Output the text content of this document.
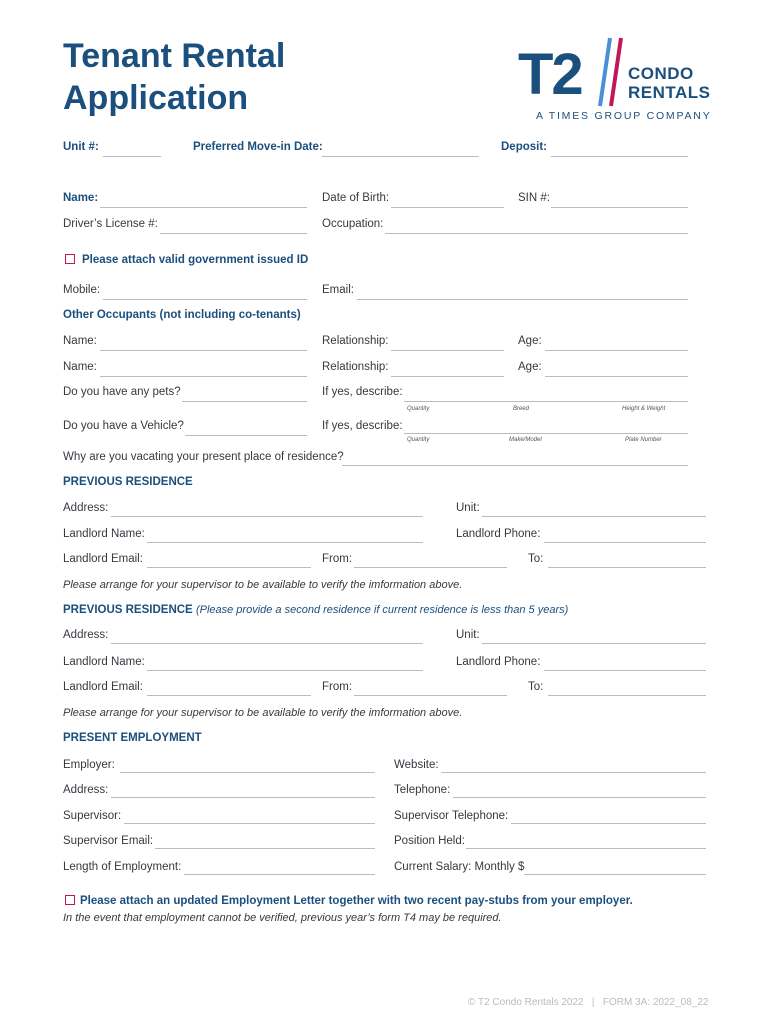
Tenant Rental
Application	T2	CONDO
RENTALS
A TIMES GROUP COMPANY
Unit #:	Preferred Move-in Date:	Deposit:
Name:	Date of Birth:	SIN #:
Driver’s License #:	Occupation:
Please attach valid government issued ID
Mobile:	Email:
Other Occupants (not including co-tenants)
Name:	Relationship:	Age:
Name:	Relationship:	Age:
Do you have any pets?	If yes, describe:
Quantity	Breed	Height & Weight
Do you have a Vehicle?	If yes, describe:
Quantity	Make/Model	Plate Number
Why are you vacating your present place of residence?
PREVIOUS RESIDENCE
Address:	Unit:
Landlord Name:	Landlord Phone:
Landlord Email:	From:	To:
Please arrange for your supervisor to be available to verify the imformation above.
PREVIOUS RESIDENCE (Please provide a second residence if current residence is less than 5 years)
Address:	Unit:
Landlord Name:	Landlord Phone:
Landlord Email:	From:	To:
Please arrange for your supervisor to be available to verify the imformation above.
PRESENT EMPLOYMENT
Employer:	Website:
Address:	Telephone:
Supervisor:	Supervisor Telephone:
Supervisor Email:	Position Held:
Length of Employment:	Current Salary: Monthly $
Please attach an updated Employment Letter together with two recent pay-stubs from your employer.
In the event that employment cannot be verified, previous year’s form T4 may be required.
© T2 Condo Rentals 2022   |   FORM 3A: 2022_08_22
